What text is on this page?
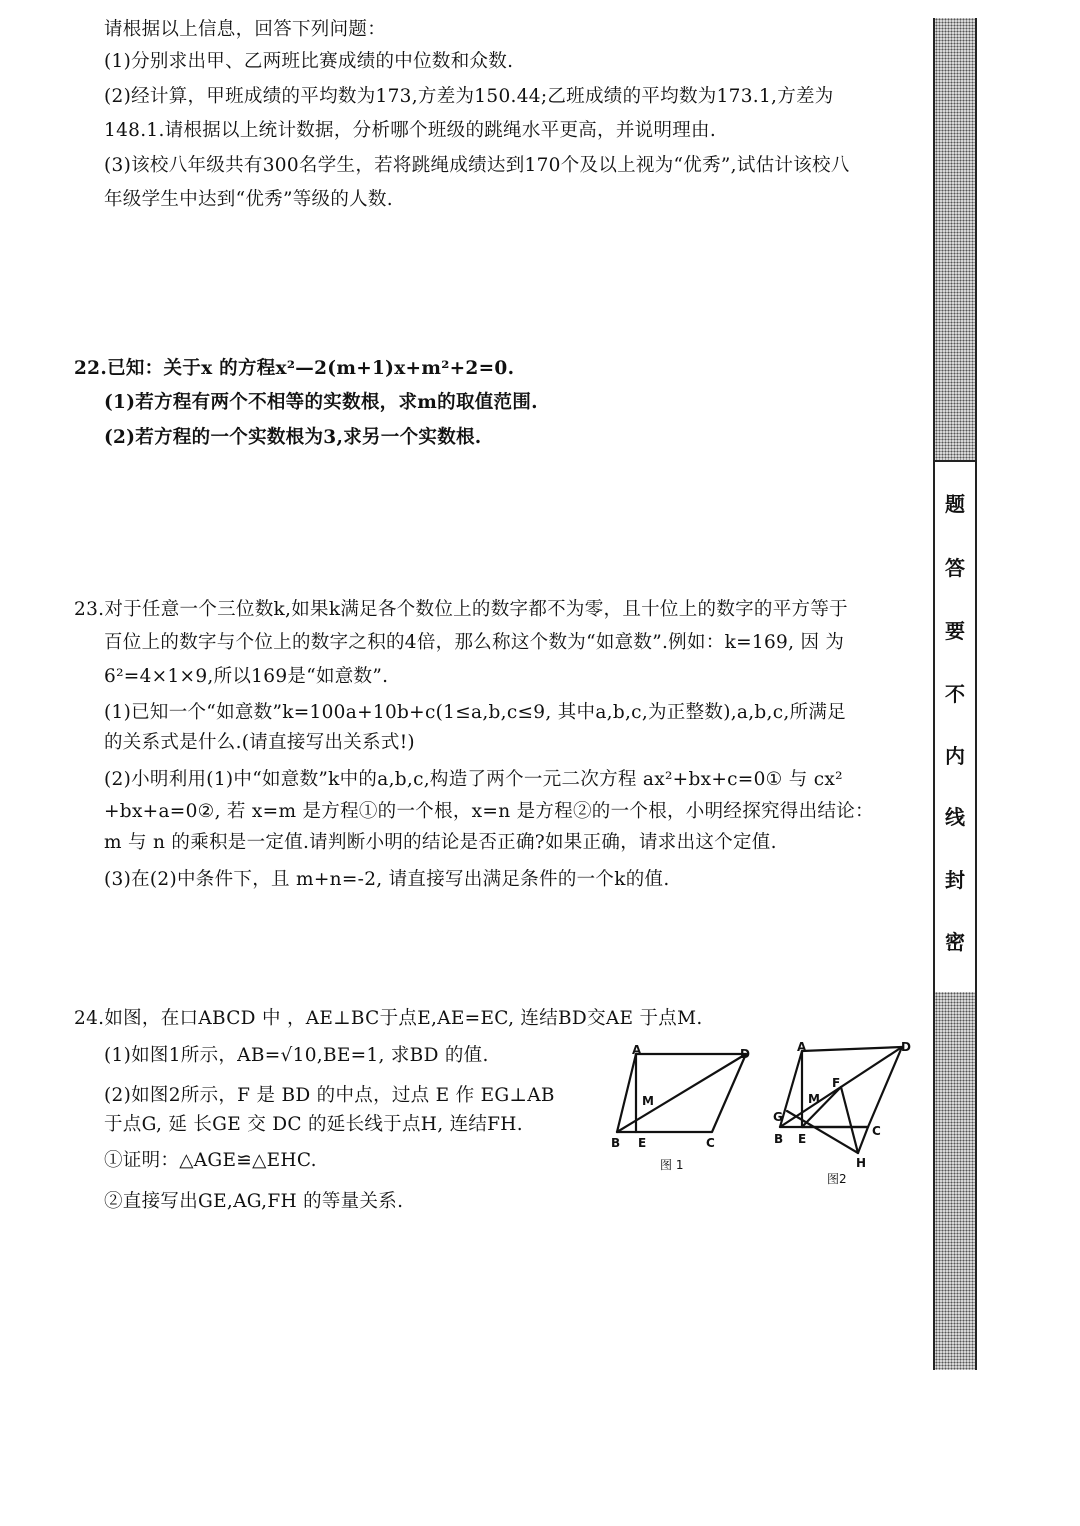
请根据以上信息，回答下列问题：
(1)分别求出甲、乙两班比赛成绩的中位数和众数.
(2)经计算，甲班成绩的平均数为173,方差为150.44;乙班成绩的平均数为173.1,方差为
148.1.请根据以上统计数据，分析哪个班级的跳绳水平更高，并说明理由.
(3)该校八年级共有300名学生，若将跳绳成绩达到170个及以上视为“优秀”,试估计该校八
年级学生中达到“优秀”等级的人数.
22.已知：关于x 的方程x²—2(m+1)x+m²+2=0.
(1)若方程有两个不相等的实数根，求m的取值范围.
(2)若方程的一个实数根为3,求另一个实数根.
23.对于任意一个三位数k,如果k满足各个数位上的数字都不为零，且十位上的数字的平方等于
百位上的数字与个位上的数字之积的4倍，那么称这个数为“如意数”.例如：k=169, 因 为
6²=4×1×9,所以169是“如意数”.
(1)已知一个“如意数”k=100a+10b+c(1≤a,b,c≤9, 其中a,b,c,为正整数),a,b,c,所满足
的关系式是什么.(请直接写出关系式!)
(2)小明利用(1)中“如意数”k中的a,b,c,构造了两个一元二次方程 ax²+bx+c=0① 与 cx²
+bx+a=0②, 若 x=m 是方程①的一个根，x=n 是方程②的一个根，小明经探究得出结论：
m 与 n 的乘积是一定值.请判断小明的结论是否正确?如果正确，请求出这个定值.
(3)在(2)中条件下，且 m+n=-2, 请直接写出满足条件的一个k的值.
24.如图，在口ABCD 中 ，AE⊥BC于点E,AE=EC, 连结BD交AE 于点M.
(1)如图1所示，AB=√10,BE=1, 求BD 的值.
(2)如图2所示，F 是 BD 的中点，过点 E 作 EG⊥AB
于点G, 延 长GE 交 DC 的延长线于点H, 连结FH.
①证明：△AGE≌△EHC.
②直接写出GE,AG,FH 的等量关系.
A	D
M
B E	C
图 1
A	D
F
M
G
B E
C
H
图2
题
答
要
不
内
线
封
密
